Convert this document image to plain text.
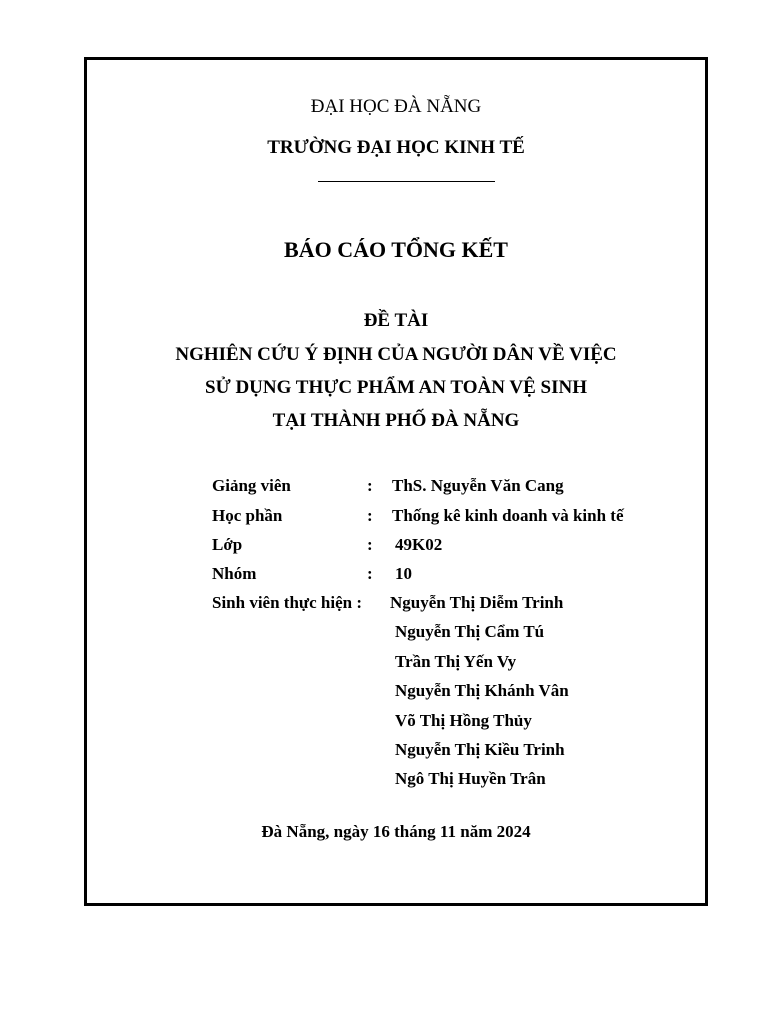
ĐẠI HỌC ĐÀ NẴNG
TRƯỜNG ĐẠI HỌC KINH TẾ
BÁO CÁO TỔNG KẾT
ĐỀ TÀI
NGHIÊN CỨU Ý ĐỊNH CỦA NGƯỜI DÂN VỀ VIỆC
SỬ DỤNG THỰC PHẨM AN TOÀN VỆ SINH
TẠI THÀNH PHỐ ĐÀ NẴNG
Giảng viên	: ThS. Nguyễn Văn Cang
Học phần	: Thống kê kinh doanh và kinh tế
Lớp	: 49K02
Nhóm	: 10
Sinh viên thực hiện : Nguyễn Thị Diễm Trinh
Nguyễn Thị Cẩm Tú
Trần Thị Yến Vy
Nguyễn Thị Khánh Vân
Võ Thị Hồng Thủy
Nguyễn Thị Kiều Trinh
Ngô Thị Huyền Trân
Đà Nẵng, ngày 16 tháng 11 năm 2024
